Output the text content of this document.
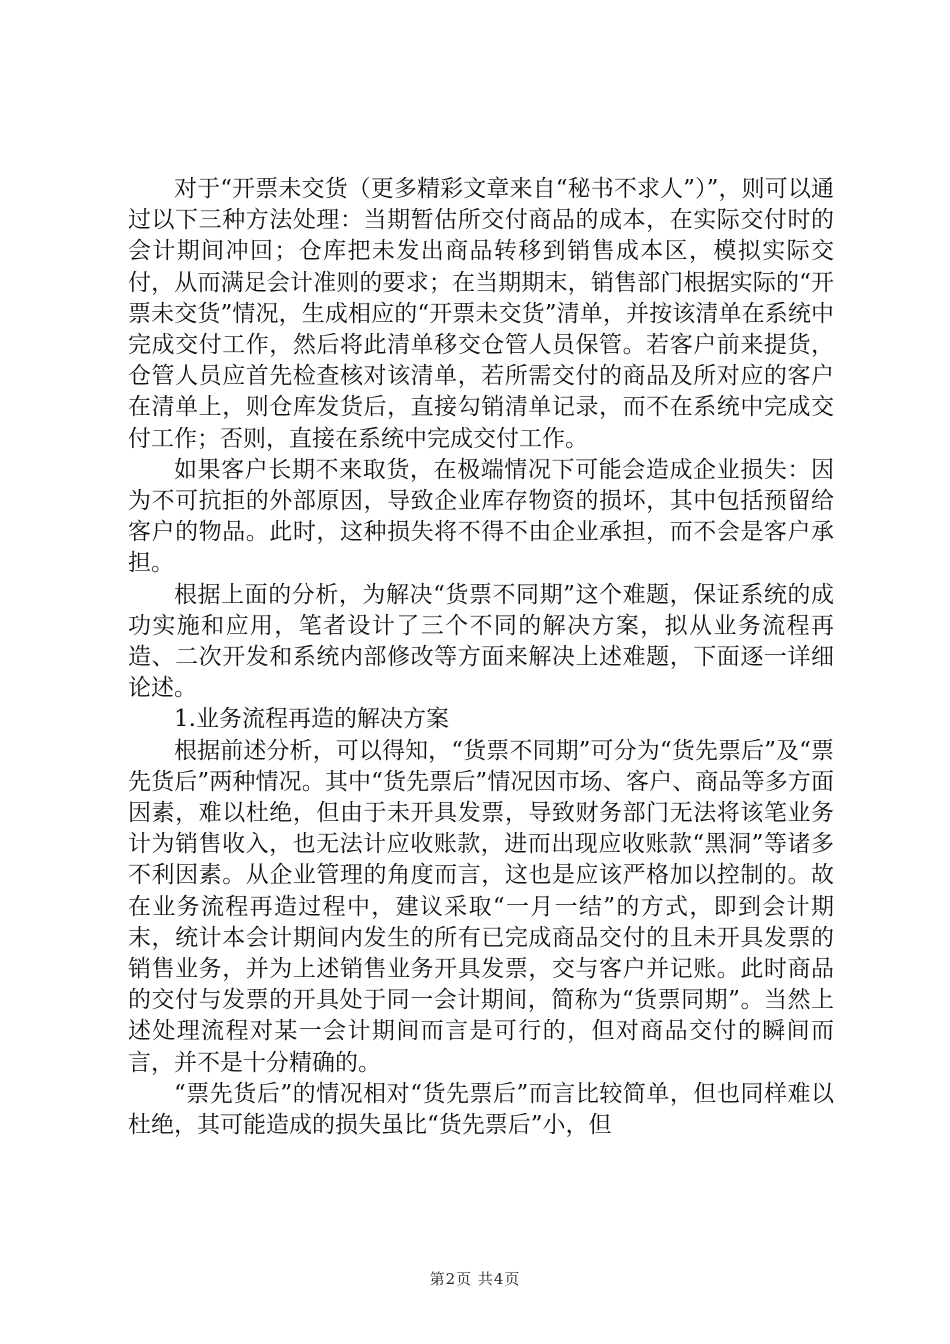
对于“开票未交货（更多精彩文章来自“秘书不求人”）”，则可以通过以下三种方法处理：当期暂估所交付商品的成本，在实际交付时的会计期间冲回；仓库把未发出商品转移到销售成本区，模拟实际交付，从而满足会计准则的要求；在当期期末，销售部门根据实际的“开票未交货”情况，生成相应的“开票未交货”清单，并按该清单在系统中完成交付工作，然后将此清单移交仓管人员保管。若客户前来提货，仓管人员应首先检查核对该清单，若所需交付的商品及所对应的客户在清单上，则仓库发货后，直接勾销清单记录，而不在系统中完成交付工作；否则，直接在系统中完成交付工作。

如果客户长期不来取货，在极端情况下可能会造成企业损失：因为不可抗拒的外部原因，导致企业库存物资的损坏，其中包括预留给客户的物品。此时，这种损失将不得不由企业承担，而不会是客户承担。

根据上面的分析，为解决“货票不同期”这个难题，保证系统的成功实施和应用，笔者设计了三个不同的解决方案，拟从业务流程再造、二次开发和系统内部修改等方面来解决上述难题，下面逐一详细论述。

1.业务流程再造的解决方案

根据前述分析，可以得知，“货票不同期”可分为“货先票后”及“票先货后”两种情况。其中“货先票后”情况因市场、客户、商品等多方面因素，难以杜绝，但由于未开具发票，导致财务部门无法将该笔业务计为销售收入，也无法计应收账款，进而出现应收账款“黑洞”等诸多不利因素。从企业管理的角度而言，这也是应该严格加以控制的。故在业务流程再造过程中，建议采取“一月一结”的方式，即到会计期末，统计本会计期间内发生的所有已完成商品交付的且未开具发票的销售业务，并为上述销售业务开具发票，交与客户并记账。此时商品的交付与发票的开具处于同一会计期间，简称为“货票同期”。当然上述处理流程对某一会计期间而言是可行的，但对商品交付的瞬间而言，并不是十分精确的。

“票先货后”的情况相对“货先票后”而言比较简单，但也同样难以杜绝，其可能造成的损失虽比“货先票后”小，但

第2页 共4页
